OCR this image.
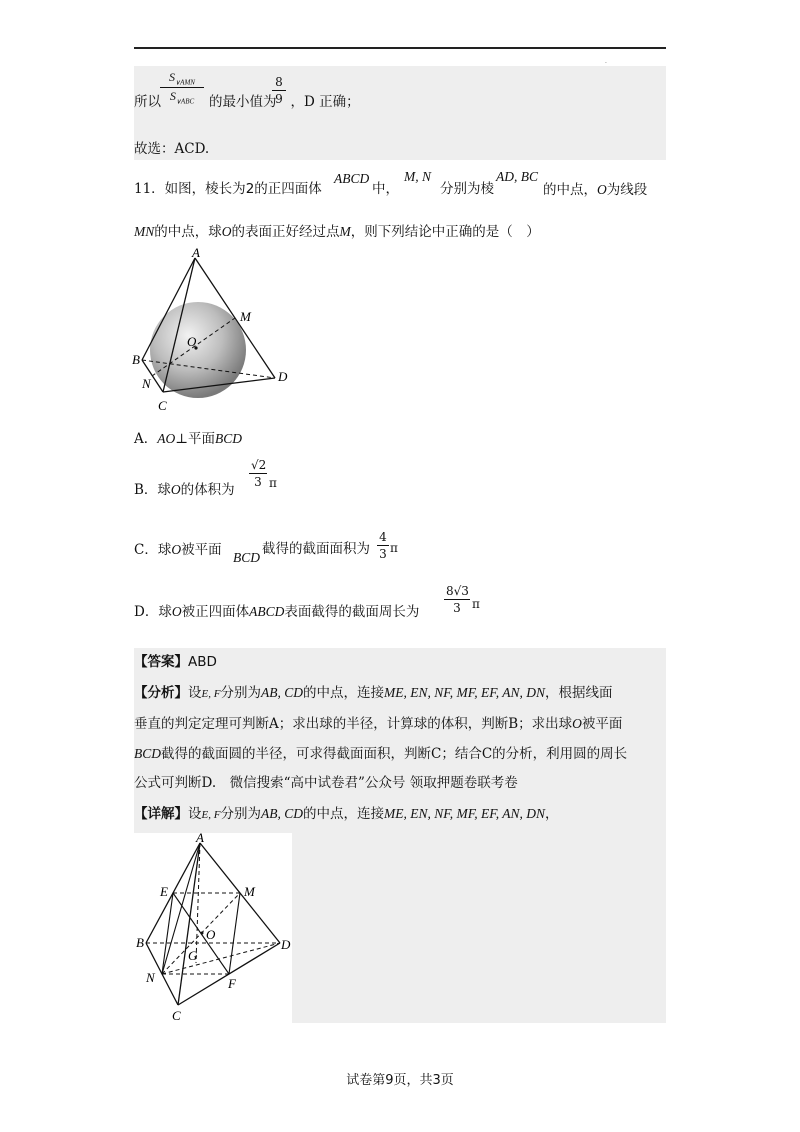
·
$S_{\vee AMN}$
$S_{\vee ABC}$
所以	的最小值为 ，D 正确；
$\frac{8}{9}$
故选：ACD.
11．如图，棱长为2的正四面体
ABCD
中，
M, N
分别为棱
AD, BC
的中点，O为线段
MN的中点，球O的表面正好经过点M，则下列结论中正确的是（　）
A
M
O
B
N	D
C
A．AO⊥平面BCD
B．球O的体积为
$\frac{√2}{3}$ π
C．球O被平面 BCD
截得的截面面积为 $\frac{4}{3}$ π
D．球O被正四面体ABCD表面截得的截面周长为 $\frac{8√3}{3}$ π
【答案】ABD
【分析】设E, F分别为AB, CD的中点，连接ME, EN, NF, MF, EF, AN, DN，根据线面
垂直的判定定理可判断A；求出球的半径，计算球的体积，判断B；求出球O被平面
BCD截得的截面圆的半径，可求得截面面积，判断C；结合C的分析，利用圆的周长
公式可判断D.　微信搜索“高中试卷君”公众号 领取押题卷联考卷
【详解】设E, F分别为AB, CD的中点，连接ME, EN, NF, MF, EF, AN, DN，
A
E	M
O
B
G
D
N	F
C
试卷第9页，共3页
